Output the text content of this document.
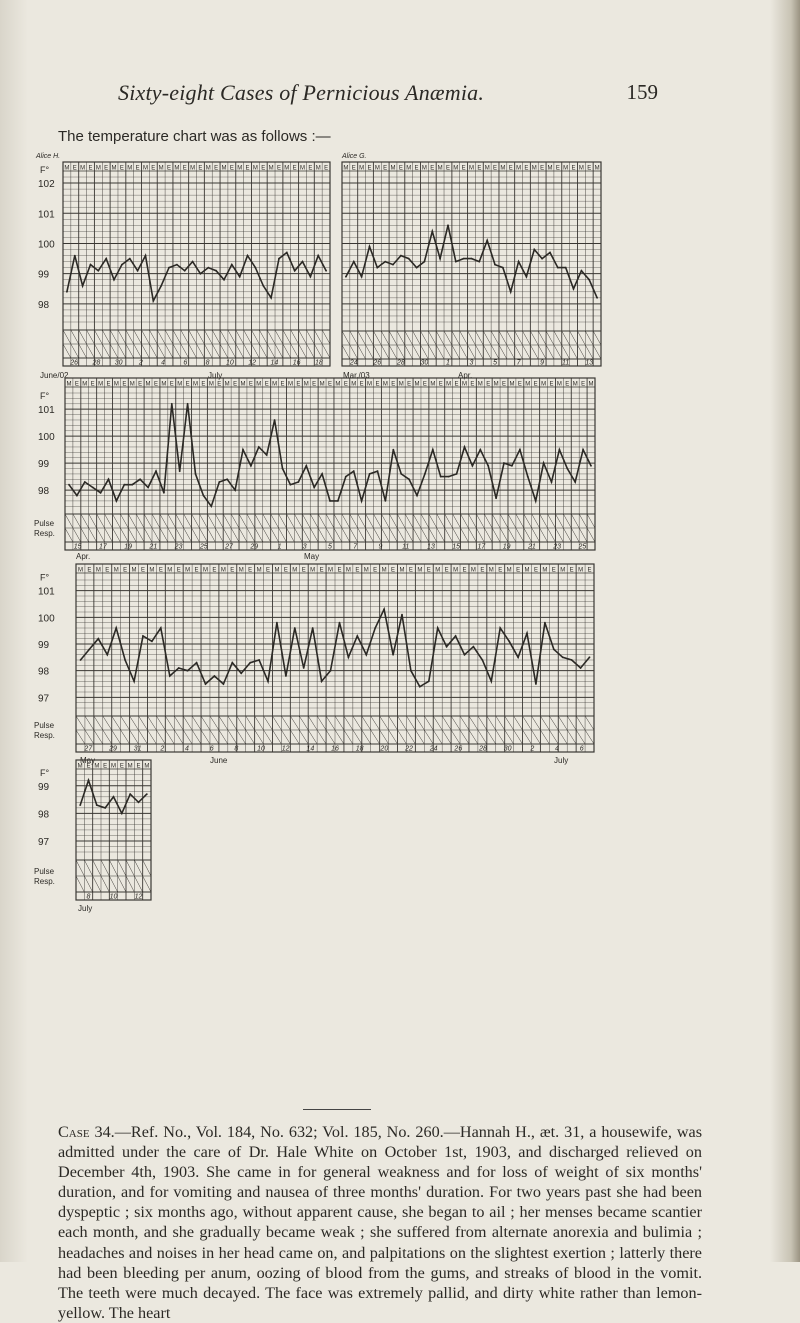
Sixty-eight Cases of Pernicious Anæmia.	159
The temperature chart was as follows :—
M E M E M E M E M E M E M E M E M E M E M E M E M E M E M E M E M E
102
101
100
99
98
F°
26 28 30 2	4	6	8 10 12 14 16 18
June/02	July
Alice H.
M E M E M E M E M E M E M E M E M E M E M E M E M E M E M E M E M
24 26 28 30	1	3	5	7	9	11 13
Mar./03	Apr.
Alice G.
M E M E M E M E M E M E M E M E M E M E M E M E M E M E M E M E M E M E M E M E M E M E M E M E M E M E M E M E M E M E M E M E M E M
101
100
99
98
F°
Pulse
Resp.
15 17 19 21 23 25 27 29	1	3	5	7	9	11	13 15 17 19 21 23 25
Apr.	May
M E M E M E M E M E M E M E M E M E M E M E M E M E M E M E M E M E M E M E M E M E M E M E M E M E M E M E M E M E
101
100
99
98
97
F°
Pulse
Resp.
27 29 31	2	4	6	8	10 12 14 16 18 20 22 24 26 28 30	2	4	6
May	June	July
M E M E M E M E M
99
98
97
F°
Pulse
Resp.
8	10 12
July
Case 34.—Ref. No., Vol. 184, No. 632; Vol. 185, No. 260.—Hannah H., æt. 31, a housewife, was admitted under the care of Dr. Hale White on October 1st, 1903, and discharged relieved on December 4th, 1903. She came in for general weakness and for loss of weight of six months' duration, and for vomiting and nausea of three months' duration. For two years past she had been dyspeptic ; six months ago, without apparent cause, she began to ail ; her menses became scantier each month, and she gradually became weak ; she suffered from alternate anorexia and bulimia ; headaches and noises in her head came on, and palpitations on the slightest exertion ; latterly there had been bleeding per anum, oozing of blood from the gums, and streaks of blood in the vomit. The teeth were much decayed. The face was extremely pallid, and dirty white rather than lemon-yellow. The heart
